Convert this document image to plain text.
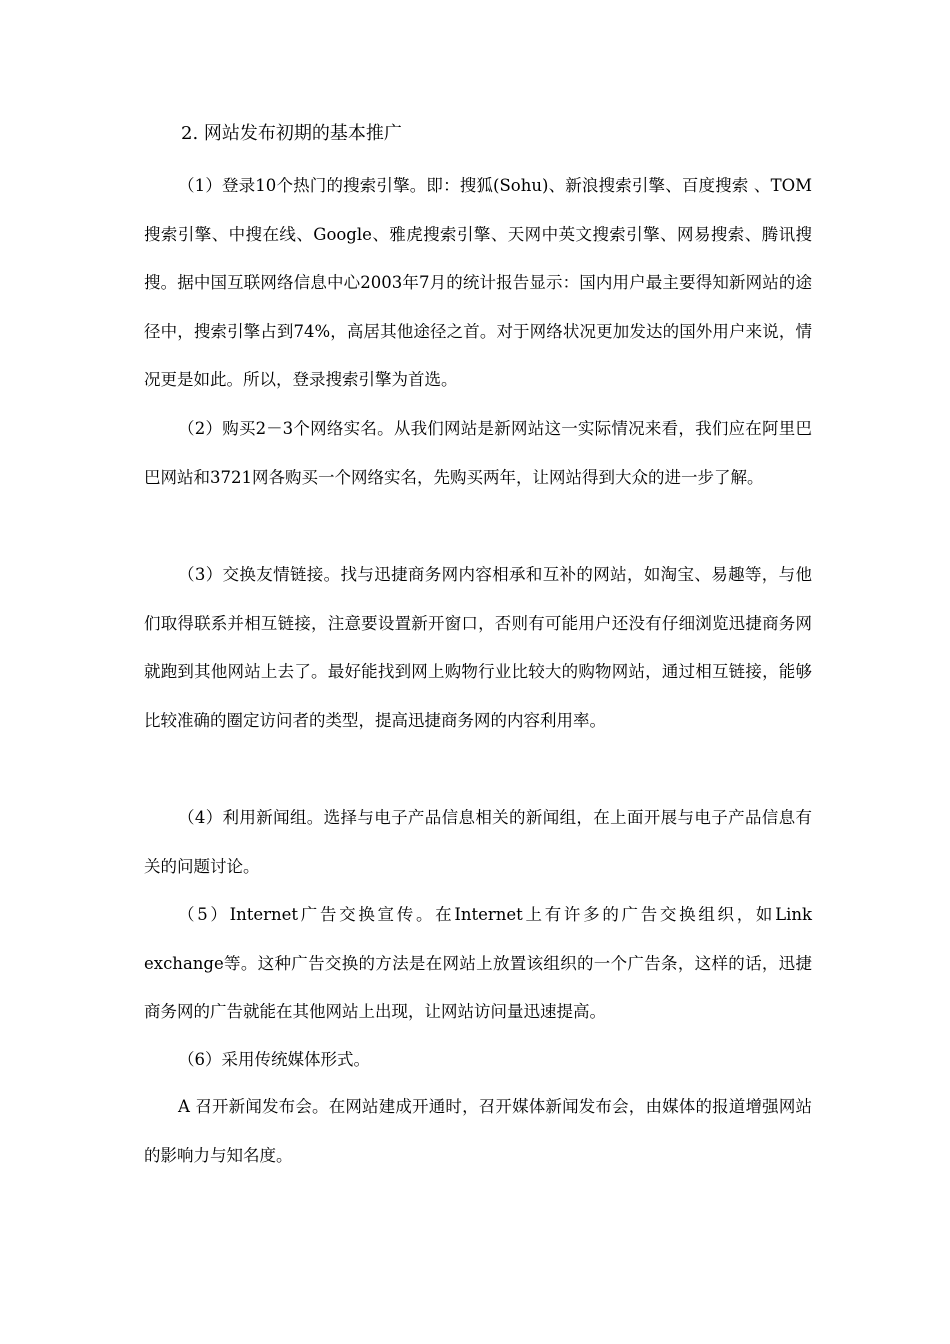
2. 网站发布初期的基本推广

（1）登录10个热门的搜索引擎。即：搜狐(Sohu)、新浪搜索引擎、百度搜索 、TOM搜索引擎、中搜在线、Google、雅虎搜索引擎、天网中英文搜索引擎、网易搜索、腾讯搜搜。据中国互联网络信息中心2003年7月的统计报告显示：国内用户最主要得知新网站的途径中，搜索引擎占到74%，高居其他途径之首。对于网络状况更加发达的国外用户来说，情况更是如此。所以，登录搜索引擎为首选。

（2）购买2－3个网络实名。从我们网站是新网站这一实际情况来看，我们应在阿里巴巴网站和3721网各购买一个网络实名，先购买两年，让网站得到大众的进一步了解。

（3）交换友情链接。找与迅捷商务网内容相承和互补的网站，如淘宝、易趣等，与他们取得联系并相互链接，注意要设置新开窗口，否则有可能用户还没有仔细浏览迅捷商务网就跑到其他网站上去了。最好能找到网上购物行业比较大的购物网站，通过相互链接，能够比较准确的圈定访问者的类型，提高迅捷商务网的内容利用率。

（4）利用新闻组。选择与电子产品信息相关的新闻组，在上面开展与电子产品信息有关的问题讨论。

（5）Internet广告交换宣传。在Internet上有许多的广告交换组织，如Link exchange等。这种广告交换的方法是在网站上放置该组织的一个广告条，这样的话，迅捷商务网的广告就能在其他网站上出现，让网站访问量迅速提高。

（6）采用传统媒体形式。

A 召开新闻发布会。在网站建成开通时，召开媒体新闻发布会，由媒体的报道增强网站的影响力与知名度。
